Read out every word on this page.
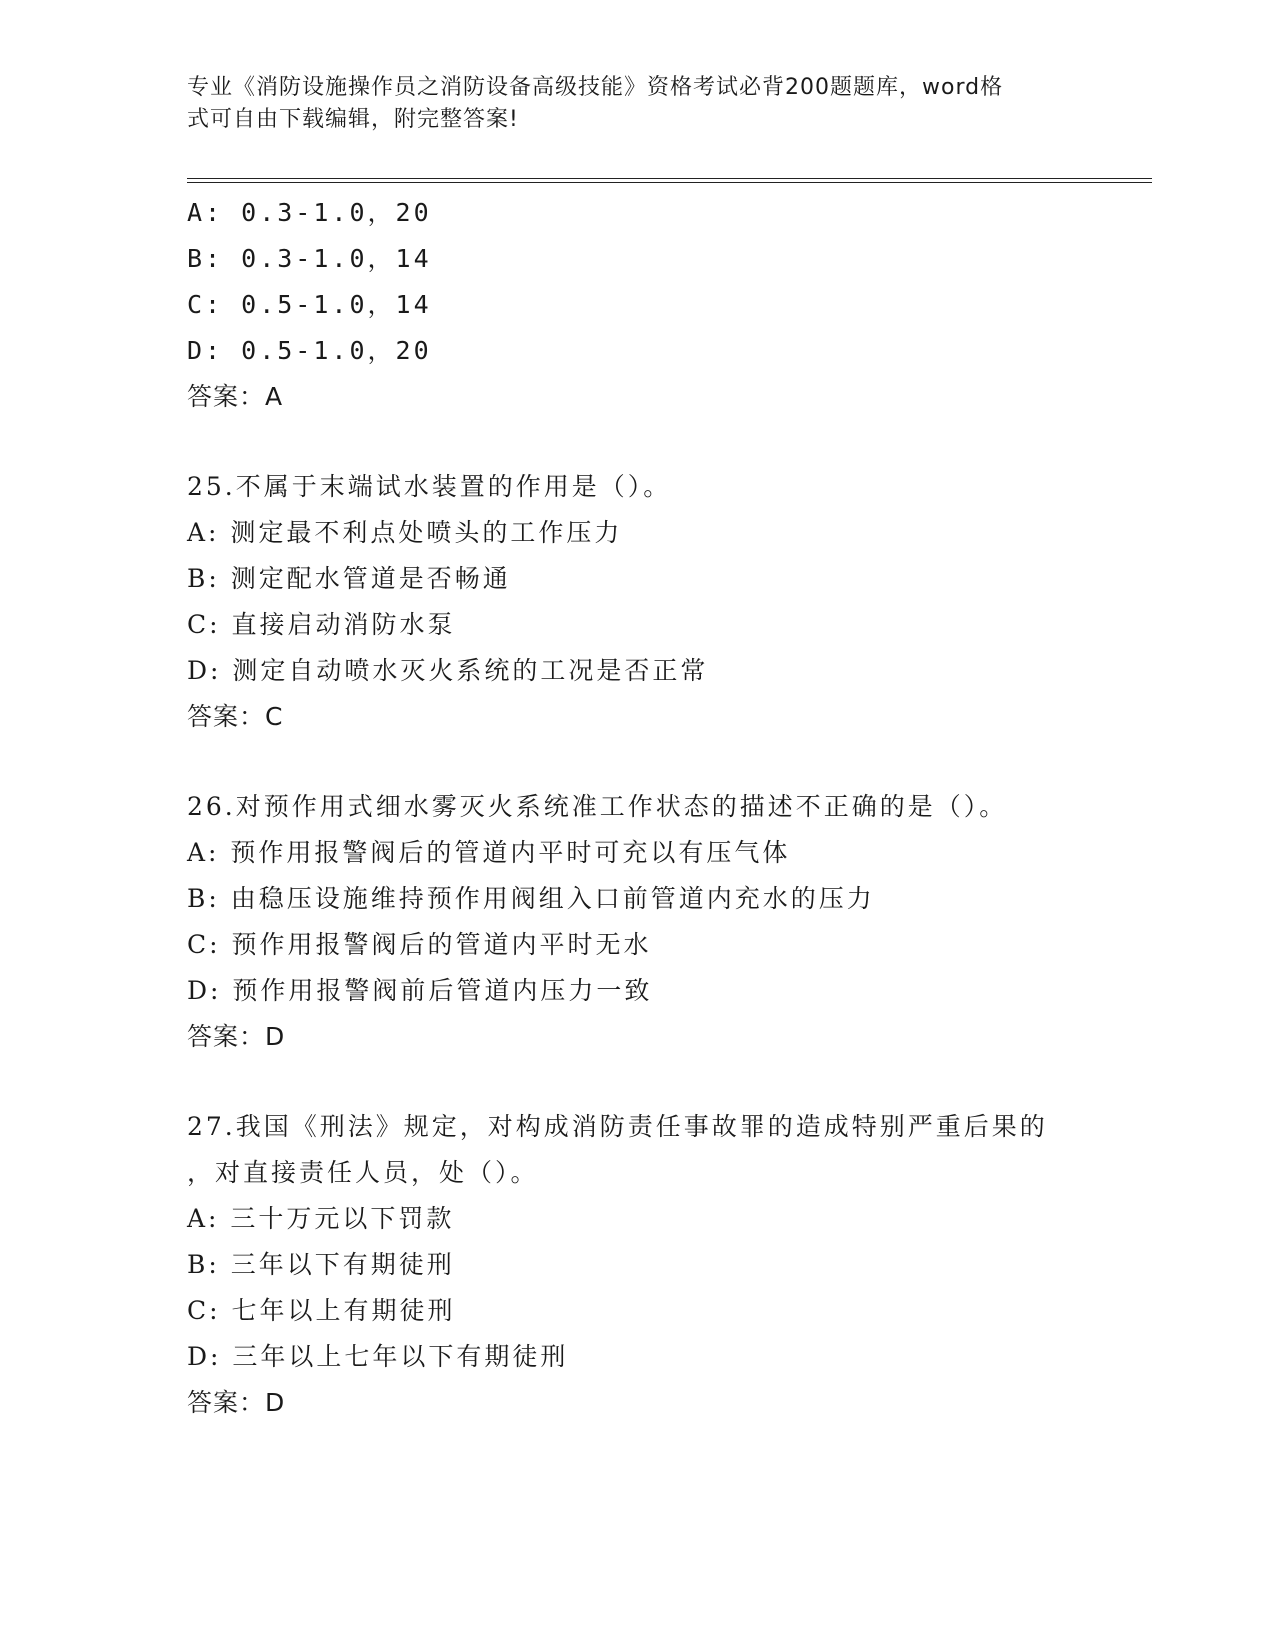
专业《消防设施操作员之消防设备高级技能》资格考试必背200题题库，word格
式可自由下载编辑，附完整答案!
A: 0.3-1.0，20
B: 0.3-1.0，14
C: 0.5-1.0，14
D: 0.5-1.0，20
答案：A
25.不属于末端试水装置的作用是（）。
A: 测定最不利点处喷头的工作压力
B: 测定配水管道是否畅通
C: 直接启动消防水泵
D: 测定自动喷水灭火系统的工况是否正常
答案：C
26.对预作用式细水雾灭火系统准工作状态的描述不正确的是（）。
A: 预作用报警阀后的管道内平时可充以有压气体
B: 由稳压设施维持预作用阀组入口前管道内充水的压力
C: 预作用报警阀后的管道内平时无水
D: 预作用报警阀前后管道内压力一致
答案：D
27.我国《刑法》规定，对构成消防责任事故罪的造成特别严重后果的
，对直接责任人员，处（）。
A: 三十万元以下罚款
B: 三年以下有期徒刑
C: 七年以上有期徒刑
D: 三年以上七年以下有期徒刑
答案：D
